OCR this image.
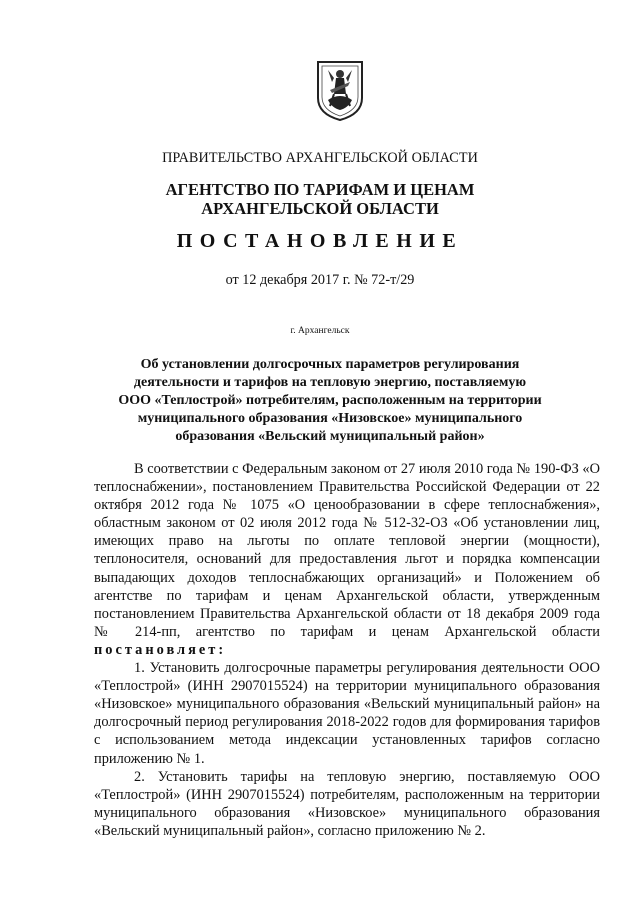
ПРАВИТЕЛЬСТВО АРХАНГЕЛЬСКОЙ ОБЛАСТИ
АГЕНТСТВО ПО ТАРИФАМ И ЦЕНАМ
АРХАНГЕЛЬСКОЙ ОБЛАСТИ
ПОСТАНОВЛЕНИЕ
от 12 декабря 2017 г. № 72-т/29
г. Архангельск
Об установлении долгосрочных параметров регулирования
деятельности и тарифов на тепловую энергию, поставляемую
ООО «Теплострой» потребителям, расположенным на территории
муниципального образования «Низовское» муниципального
образования «Вельский муниципальный район»

В соответствии с Федеральным законом от 27 июля 2010 года № 190-ФЗ «О теплоснабжении», постановлением Правительства Российской Федерации от 22 октября 2012 года № 1075 «О ценообразовании в сфере теплоснабжения», областным законом от 02 июля 2012 года № 512-32-ОЗ «Об установлении лиц, имеющих право на льготы по оплате тепловой энергии (мощности), теплоносителя, оснований для предоставления льгот и порядка компенсации выпадающих доходов теплоснабжающих организаций» и Положением об агентстве по тарифам и ценам Архангельской области, утвержденным постановлением Правительства Архангельской области от 18 декабря 2009 года № 214-пп, агентство по тарифам и ценам Архангельской области постановляет:

1. Установить долгосрочные параметры регулирования деятельности ООО «Теплострой» (ИНН 2907015524) на территории муниципального образования «Низовское» муниципального образования «Вельский муниципальный район» на долгосрочный период регулирования 2018-2022 годов для формирования тарифов с использованием метода индексации установленных тарифов согласно приложению № 1.

2. Установить тарифы на тепловую энергию, поставляемую ООО «Теплострой» (ИНН 2907015524) потребителям, расположенным на территории муниципального образования «Низовское» муниципального образования «Вельский муниципальный район», согласно приложению № 2.
